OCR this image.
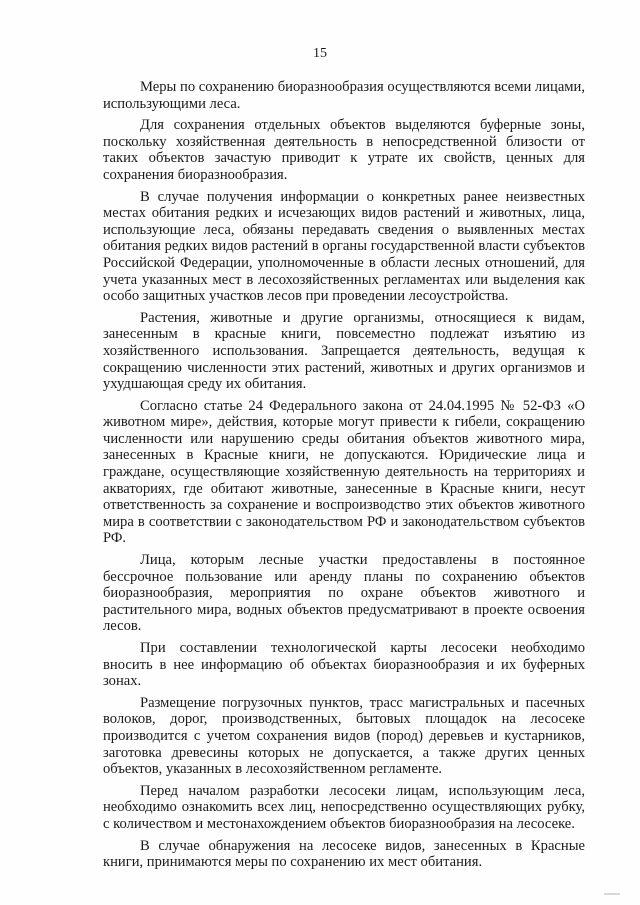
15

Меры по сохранению биоразнообразия осуществляются всеми лицами, использующими леса.

Для сохранения отдельных объектов выделяются буферные зоны, поскольку хозяйственная деятельность в непосредственной близости от таких объектов зачастую приводит к утрате их свойств, ценных для сохранения биоразнообразия.

В случае получения информации о конкретных ранее неизвестных местах обитания редких и исчезающих видов растений и животных, лица, использующие леса, обязаны передавать сведения о выявленных местах обитания редких видов растений в органы государственной власти субъектов Российской Федерации, уполномоченные в области лесных отношений, для учета указанных мест в лесохозяйственных регламентах или выделения как особо защитных участков лесов при проведении лесоустройства.

Растения, животные и другие организмы, относящиеся к видам, занесенным в красные книги, повсеместно подлежат изъятию из хозяйственного использования. Запрещается деятельность, ведущая к сокращению численности этих растений, животных и других организмов и ухудшающая среду их обитания.

Согласно статье 24 Федерального закона от 24.04.1995 № 52-ФЗ «О животном мире», действия, которые могут привести к гибели, сокращению численности или нарушению среды обитания объектов животного мира, занесенных в Красные книги, не допускаются. Юридические лица и граждане, осуществляющие хозяйственную деятельность на территориях и акваториях, где обитают животные, занесенные в Красные книги, несут ответственность за сохранение и воспроизводство этих объектов животного мира в соответствии с законодательством РФ и законодательством субъектов РФ.

Лица, которым лесные участки предоставлены в постоянное бессрочное пользование или аренду планы по сохранению объектов биоразнообразия, мероприятия по охране объектов животного и растительного мира, водных объектов предусматривают в проекте освоения лесов.

При составлении технологической карты лесосеки необходимо вносить в нее информацию об объектах биоразнообразия и их буферных зонах.

Размещение погрузочных пунктов, трасс магистральных и пасечных волоков, дорог, производственных, бытовых площадок на лесосеке производится с учетом сохранения видов (пород) деревьев и кустарников, заготовка древесины которых не допускается, а также других ценных объектов, указанных в лесохозяйственном регламенте.

Перед началом разработки лесосеки лицам, использующим леса, необходимо ознакомить всех лиц, непосредственно осуществляющих рубку, с количеством и местонахождением объектов биоразнообразия на лесосеке.

В случае обнаружения на лесосеке видов, занесенных в Красные книги, принимаются меры по сохранению их мест обитания.
